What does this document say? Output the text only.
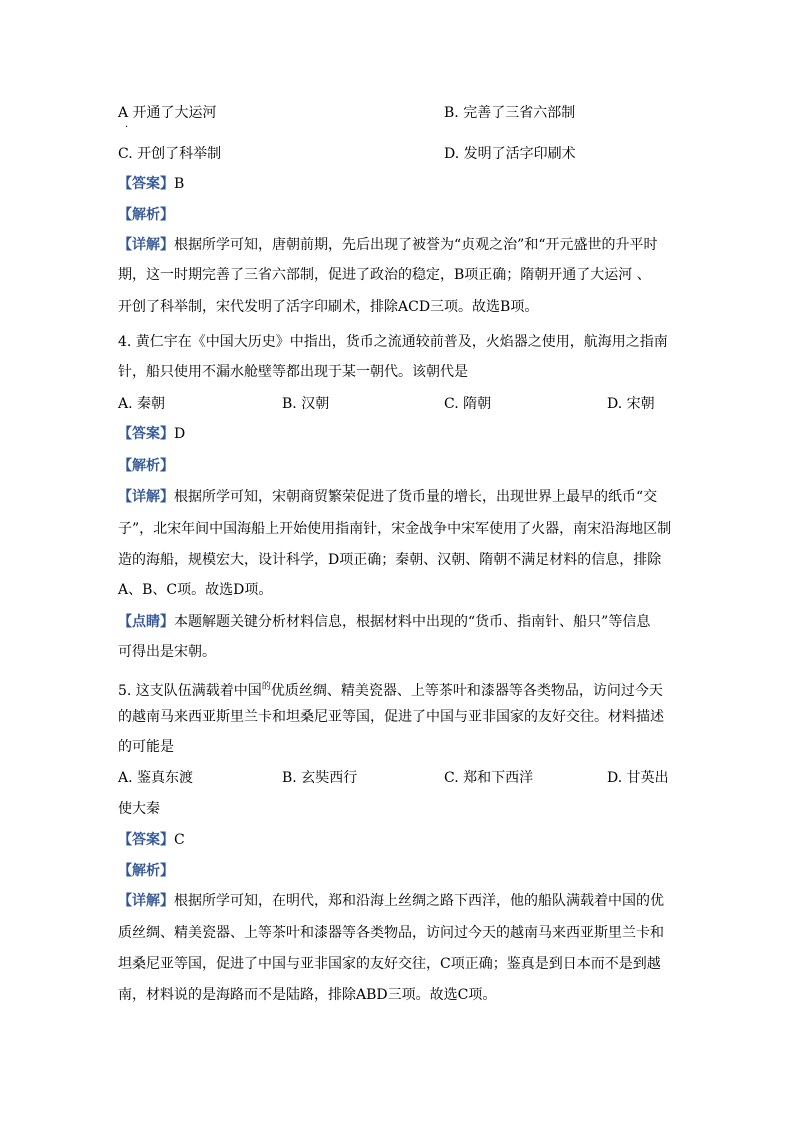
A 开通了大运河
·
B. 完善了三省六部制
C. 开创了科举制	D. 发明了活字印刷术
【答案】B
【解析】
【详解】根据所学可知，唐朝前期，先后出现了被誉为“贞观之治”和“开元盛世的升平时
期，这一时期完善了三省六部制，促进了政治的稳定，B项正确；隋朝开通了大运河 、
开创了科举制，宋代发明了活字印刷术，排除ACD三项。故选B项。
4. 黄仁宇在《中国大历史》中指出，货币之流通较前普及，火焰器之使用，航海用之指南
针，船只使用不漏水舱壁等都出现于某一朝代。该朝代是
A. 秦朝	B. 汉朝	C. 隋朝	D. 宋朝
【答案】D
【解析】
【详解】根据所学可知，宋朝商贸繁荣促进了货币量的增长，出现世界上最早的纸币“交
子”，北宋年间中国海船上开始使用指南针，宋金战争中宋军使用了火器，南宋沿海地区制
造的海船，规模宏大，设计科学，D项正确；秦朝、汉朝、隋朝不满足材料的信息，排除
A、B、C项。故选D项。
【点睛】本题解题关键分析材料信息，根据材料中出现的“货币、指南针、船只”等信息
可得出是宋朝。
5. 这支队伍满载着中国$^的$优质丝绸、精美瓷器、上等茶叶和漆器等各类物品，访问过今天
的越南马来西亚斯里兰卡和坦桑尼亚等国，促进了中国与亚非国家的友好交往。材料描述
的可能是
A. 鉴真东渡	B. 玄奘西行	C. 郑和下西洋	D. 甘英出
使大秦
【答案】C
【解析】
【详解】根据所学可知，在明代，郑和沿海上丝绸之路下西洋，他的船队满载着中国的优
质丝绸、精美瓷器、上等茶叶和漆器等各类物品，访问过今天的越南马来西亚斯里兰卡和
坦桑尼亚等国，促进了中国与亚非国家的友好交往，C项正确；鉴真是到日本而不是到越
南，材料说的是海路而不是陆路，排除ABD三项。故选C项。
